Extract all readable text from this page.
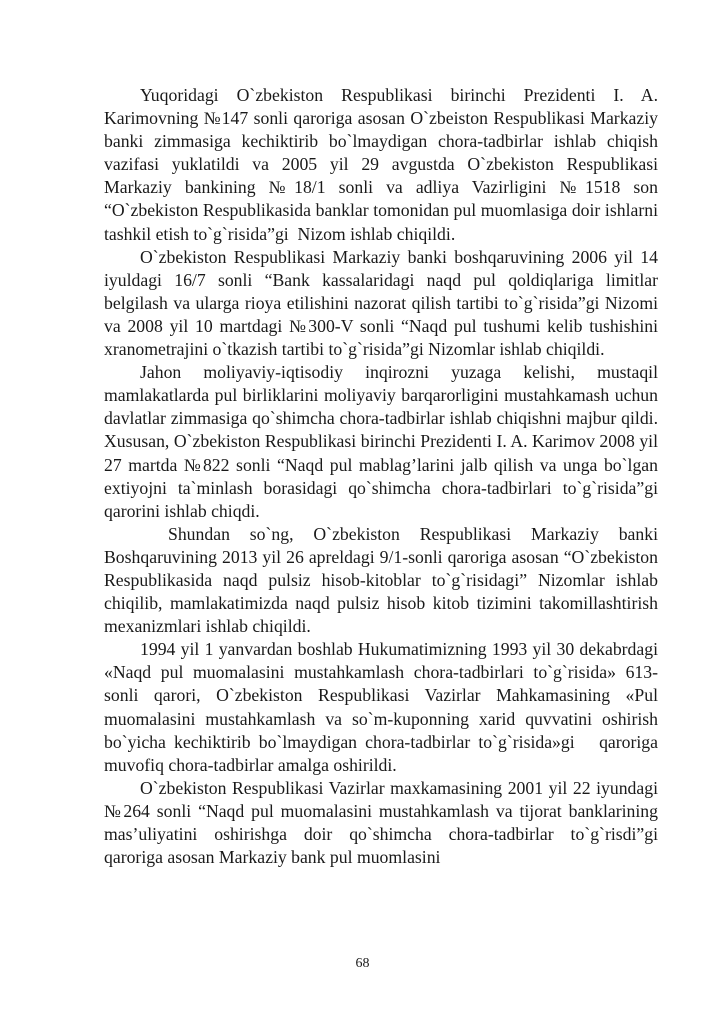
Yuqoridagi O`zbekiston Respublikasi birinchi Prezidenti I. A. Karimovning №147 sonli qaroriga asosan O`zbeiston Respublikasi Markaziy banki zimmasiga kechiktirib bo`lmaydigan chora-tadbirlar ishlab chiqish vazifasi yuklatildi va 2005 yil 29 avgustda O`zbekiston Respublikasi Markaziy bankining №18/1 sonli va adliya Vazirligini №1518 son “O`zbekiston Respublikasida banklar tomonidan pul muomlasiga doir ishlarni tashkil etish to`g`risida”gi  Nizom ishlab chiqildi.

O`zbekiston Respublikasi Markaziy banki boshqaruvining 2006 yil 14 iyuldagi 16/7 sonli “Bank kassalaridagi naqd pul qoldiqlariga limitlar belgilash va ularga rioya etilishini nazorat qilish tartibi to`g`risida”gi Nizomi va 2008 yil 10 martdagi №300-V sonli “Naqd pul tushumi kelib tushishini xranometrajini o`tkazish tartibi to`g`risida”gi Nizomlar ishlab chiqildi.

Jahon moliyaviy-iqtisodiy inqirozni yuzaga kelishi, mustaqil mamlakatlarda pul birliklarini moliyaviy barqarorligini mustahkamash uchun    davlatlar zimmasiga qo`shimcha chora-tadbirlar ishlab chiqishni majbur qildi. Xususan, O`zbekiston Respublikasi birinchi Prezidenti I. A. Karimov 2008 yil 27 martda №822 sonli “Naqd pul mablag’larini jalb qilish va unga bo`lgan extiyojni ta`minlash borasidagi qo`shimcha chora-tadbirlari to`g`risida”gi  qarorini ishlab chiqdi.

Shundan so`ng, O`zbekiston Respublikasi Markaziy banki Boshqaruvining 2013 yil 26 apreldagi 9/1-sonli qaroriga asosan “O`zbekiston Respublikasida naqd pulsiz hisob-kitoblar to`g`risidagi” Nizomlar ishlab chiqilib, mamlakatimizda naqd pulsiz hisob kitob tizimini takomillashtirish  mexanizmlari ishlab chiqildi.

1994 yil 1 yanvardan boshlab Hukumatimizning 1993 yil 30 dekabrdagi «Naqd pul muomalasini mustahkamlash chora-tadbirlari to`g`risida» 613-sonli qarori, O`zbekiston Respublikasi Vazirlar Mahkamasining «Pul muomalasini mustahkamlash va so`m-kuponning xarid quvvatini oshirish bo`yicha kechiktirib bo`lmaydigan chora-tadbirlar to`g`risida»gi   qaroriga muvofiq chora-tadbirlar amalga oshirildi.

O`zbekiston Respublikasi Vazirlar maxkamasining 2001 yil 22 iyundagi №264 sonli “Naqd pul muomalasini mustahkamlash va tijorat banklarining mas’uliyatini oshirishga doir qo`shimcha chora-tadbirlar to`g`risdi”gi qaroriga asosan Markaziy bank pul muomlasini

68
